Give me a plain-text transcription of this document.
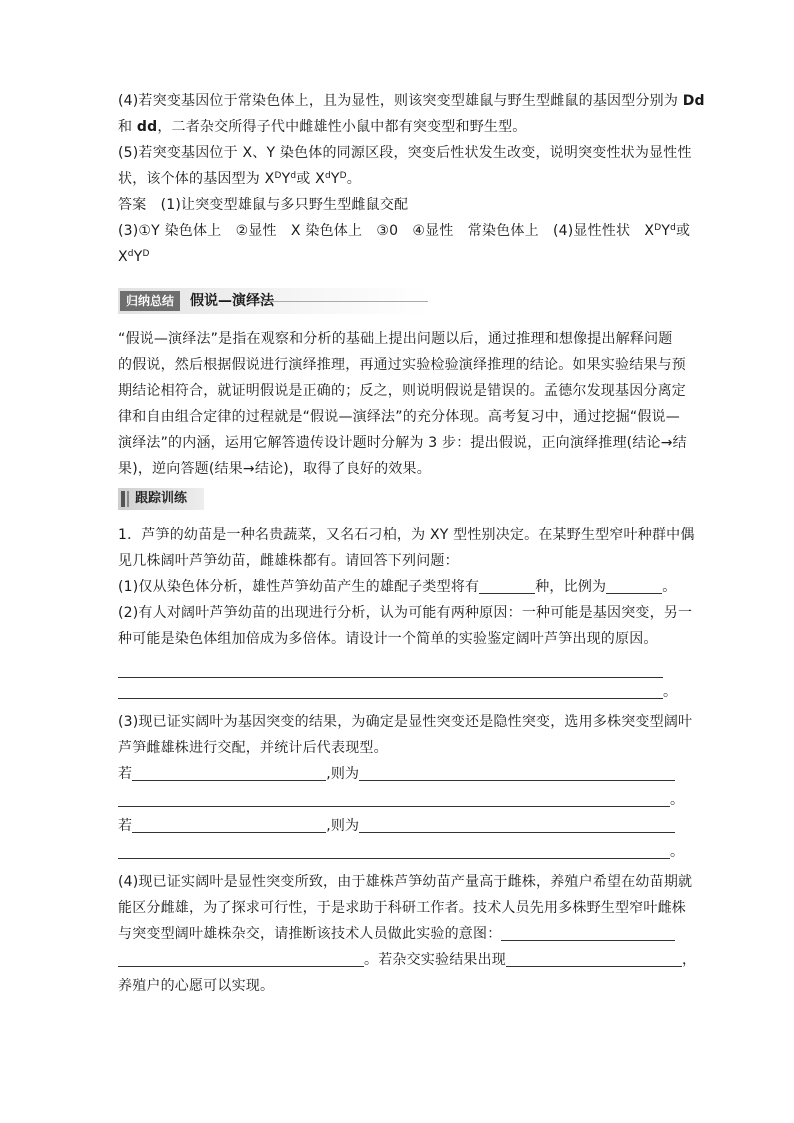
(4)若突变基因位于常染色体上，且为显性，则该突变型雄鼠与野生型雌鼠的基因型分别为 Dd
和 dd，二者杂交所得子代中雌雄性小鼠中都有突变型和野生型。
(5)若突变基因位于 X、Y 染色体的同源区段，突变后性状发生改变，说明突变性状为显性性
状，该个体的基因型为 $X^DY^d$或 $X^dY^D$。
答案　(1)让突变型雄鼠与多只野生型雌鼠交配
(3)①Y 染色体上　②显性　X 染色体上　③0　④显性　常染色体上　(4)显性性状　$X^DY^d$或
$X^dY^D$
归纳总结	假说—演绎法
“假说—演绎法”是指在观察和分析的基础上提出问题以后，通过推理和想像提出解释问题
的假说，然后根据假说进行演绎推理，再通过实验检验演绎推理的结论。如果实验结果与预
期结论相符合，就证明假说是正确的；反之，则说明假说是错误的。孟德尔发现基因分离定
律和自由组合定律的过程就是“假说—演绎法”的充分体现。高考复习中，通过挖掘“假说—
演绎法”的内涵，运用它解答遗传设计题时分解为 3 步：提出假说，正向演绎推理(结论→结
果)，逆向答题(结果→结论)，取得了良好的效果。
跟踪训练
1．芦笋的幼苗是一种名贵蔬菜，又名石刁柏，为 XY 型性别决定。在某野生型窄叶种群中偶
见几株阔叶芦笋幼苗，雌雄株都有。请回答下列问题：
(1)仅从染色体分析，雄性芦笋幼苗产生的雄配子类型将有	种，比例为	。
(2)有人对阔叶芦笋幼苗的出现进行分析，认为可能有两种原因：一种可能是基因突变，另一
种可能是染色体组加倍成为多倍体。请设计一个简单的实验鉴定阔叶芦笋出现的原因。
。
(3)现已证实阔叶为基因突变的结果，为确定是显性突变还是隐性突变，选用多株突变型阔叶
芦笋雌雄株进行交配，并统计后代表现型。
若	,则为
。
若	,则为
。
(4)现已证实阔叶是显性突变所致，由于雄株芦笋幼苗产量高于雌株，养殖户希望在幼苗期就
能区分雌雄，为了探求可行性，于是求助于科研工作者。技术人员先用多株野生型窄叶雌株
与突变型阔叶雄株杂交，请推断该技术人员做此实验的意图：
。若杂交实验结果出现	，
养殖户的心愿可以实现。
